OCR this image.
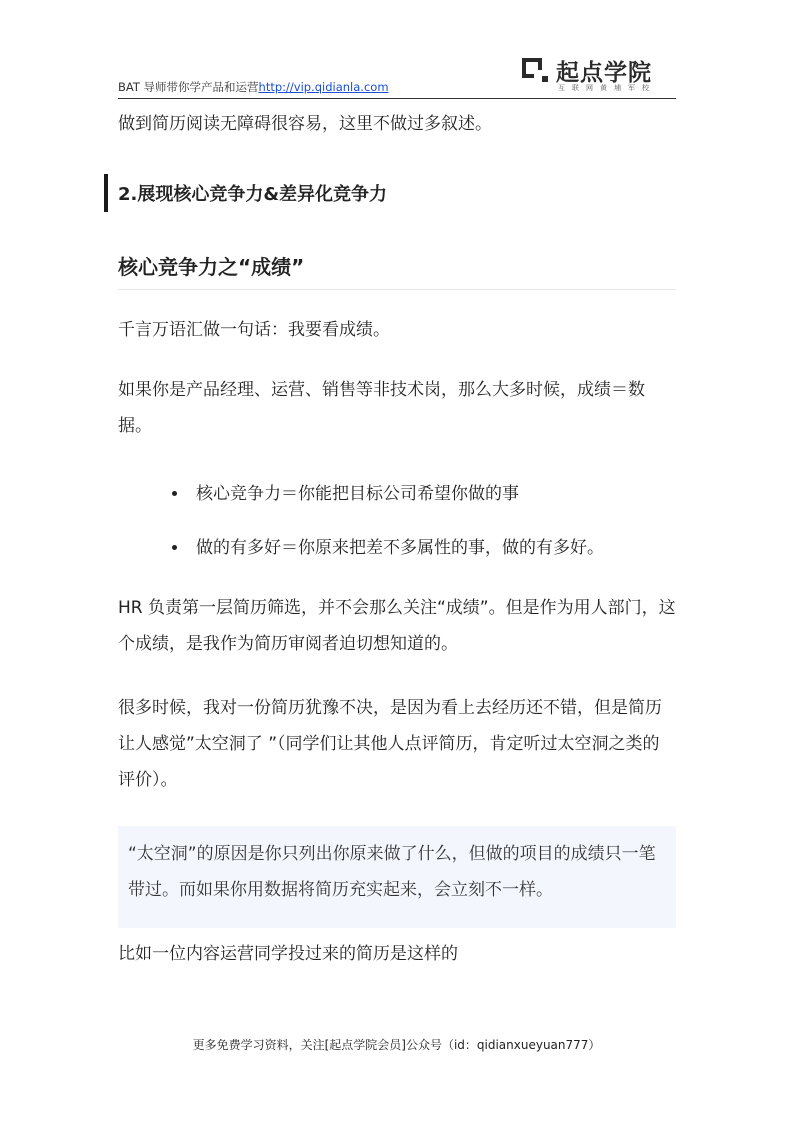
BAT 导师带你学产品和运营http://vip.qidianla.com
起点学院
互联网黄埔军校

做到简历阅读无障碍很容易，这里不做过多叙述。

2.展现核心竞争力&差异化竞争力
核心竞争力之“成绩”

千言万语汇做一句话：我要看成绩。

如果你是产品经理、运营、销售等非技术岗，那么大多时候，成绩＝数据。

核心竞争力＝你能把目标公司希望你做的事
做的有多好＝你原来把差不多属性的事，做的有多好。

HR 负责第一层简历筛选，并不会那么关注“成绩”。但是作为用人部门，这个成绩，是我作为简历审阅者迫切想知道的。

很多时候，我对一份简历犹豫不决，是因为看上去经历还不错，但是简历让人感觉”太空洞了 ”（同学们让其他人点评简历，肯定听过太空洞之类的评价）。

“太空洞”的原因是你只列出你原来做了什么，但做的项目的成绩只一笔带过。而如果你用数据将简历充实起来，会立刻不一样。

比如一位内容运营同学投过来的简历是这样的

更多免费学习资料，关注[起点学院会员]公众号（id：qidianxueyuan777）
